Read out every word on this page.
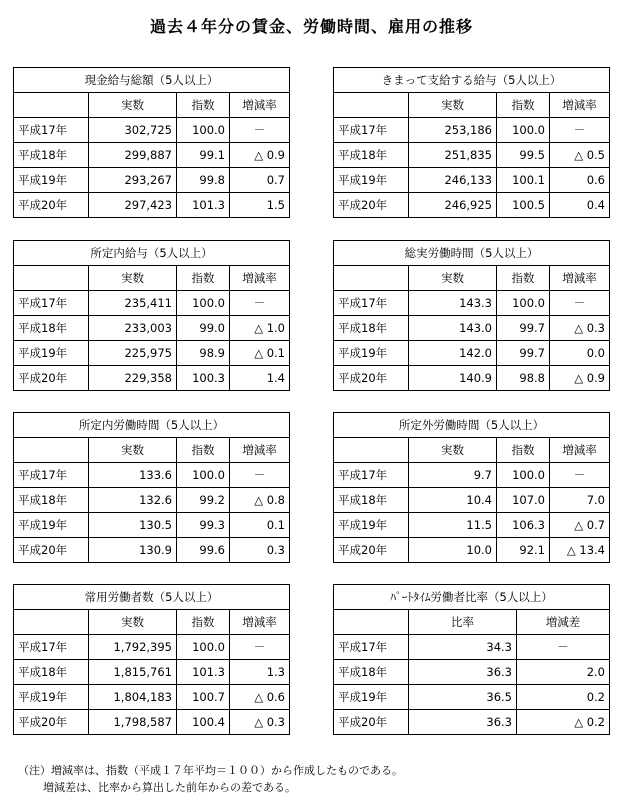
過去４年分の賃金、労働時間、雇用の推移
現金給与総額（5人以上）			
	実数	指数	増減率
平成17年	302,725	100.0	－
平成18年	299,887	99.1	△ 0.9
平成19年	293,267	99.8	0.7
平成20年	297,423	101.3	1.5
きまって支給する給与（5人以上）			
	実数	指数	増減率
平成17年	253,186	100.0	－
平成18年	251,835	99.5	△ 0.5
平成19年	246,133	100.1	0.6
平成20年	246,925	100.5	0.4
所定内給与（5人以上）			
	実数	指数	増減率
平成17年	235,411	100.0	－
平成18年	233,003	99.0	△ 1.0
平成19年	225,975	98.9	△ 0.1
平成20年	229,358	100.3	1.4
総実労働時間（5人以上）			
	実数	指数	増減率
平成17年	143.3	100.0	－
平成18年	143.0	99.7	△ 0.3
平成19年	142.0	99.7	0.0
平成20年	140.9	98.8	△ 0.9
所定内労働時間（5人以上）			
	実数	指数	増減率
平成17年	133.6	100.0	－
平成18年	132.6	99.2	△ 0.8
平成19年	130.5	99.3	0.1
平成20年	130.9	99.6	0.3
所定外労働時間（5人以上）			
	実数	指数	増減率
平成17年	9.7	100.0	－
平成18年	10.4	107.0	7.0
平成19年	11.5	106.3	△ 0.7
平成20年	10.0	92.1	△ 13.4
常用労働者数（5人以上）			
	実数	指数	増減率
平成17年	1,792,395	100.0	－
平成18年	1,815,761	101.3	1.3
平成19年	1,804,183	100.7	△ 0.6
平成20年	1,798,587	100.4	△ 0.3
ﾊﾟｰﾄﾀｲﾑ労働者比率（5人以上）		
	比率	増減差
平成17年	34.3	－
平成18年	36.3	2.0
平成19年	36.5	0.2
平成20年	36.3	△ 0.2
（注）増減率は、指数（平成１７年平均＝１００）から作成したものである。
増減差は、比率から算出した前年からの差である。
